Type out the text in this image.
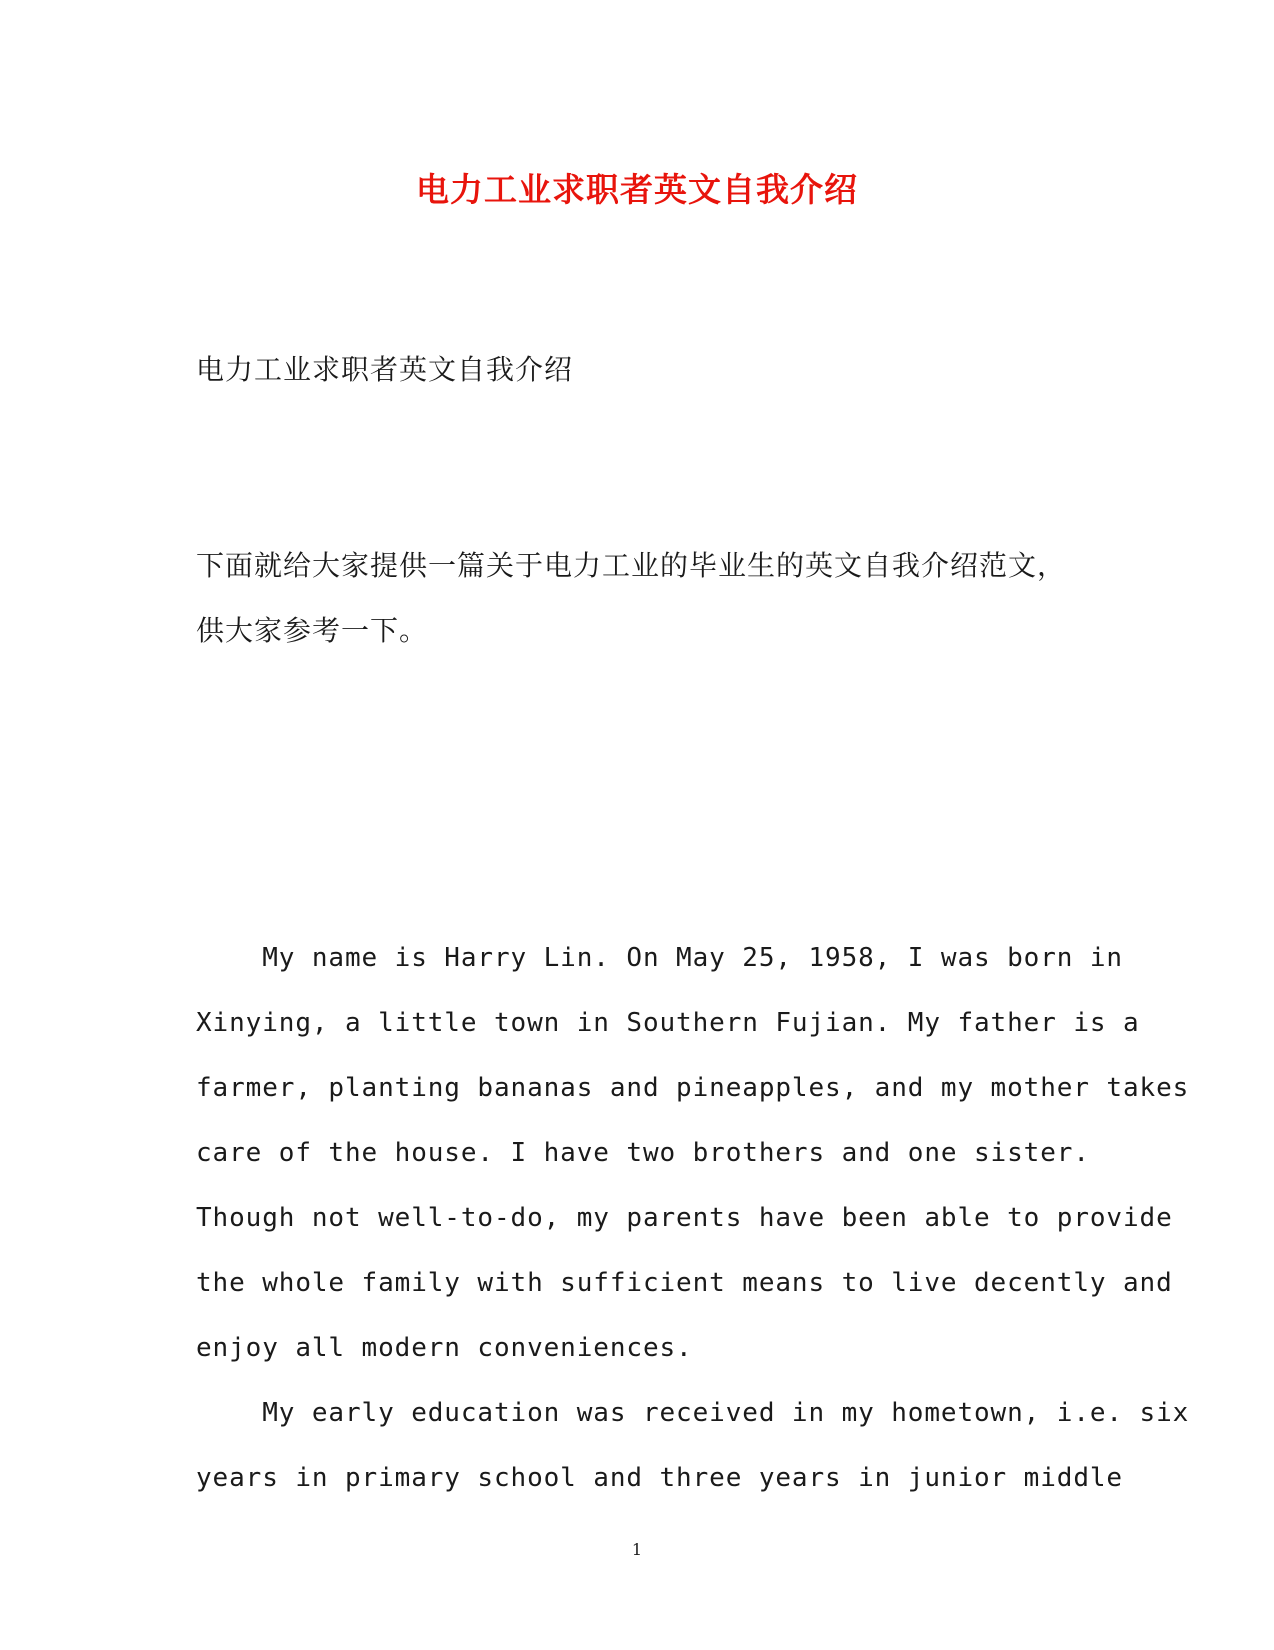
电力工业求职者英文自我介绍
电力工业求职者英文自我介绍
下面就给大家提供一篇关于电力工业的毕业生的英文自我介绍范文，
供大家参考一下。
My name is Harry Lin. On May 25, 1958, I was born in
Xinying, a little town in Southern Fujian. My father is a
farmer, planting bananas and pineapples, and my mother takes
care of the house. I have two brothers and one sister.
Though not well-to-do, my parents have been able to provide
the whole family with sufficient means to live decently and
enjoy all modern conveniences.
My early education was received in my hometown, i.e. six
years in primary school and three years in junior middle
1
